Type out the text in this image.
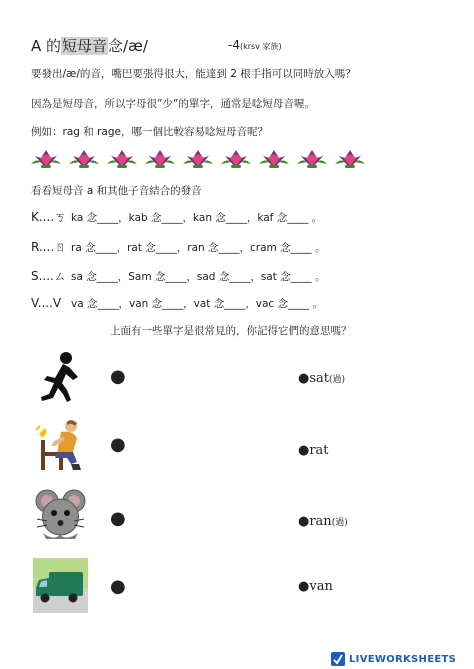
A 的短母音念/æ/	-4(krsv 家族)
要發出/æ/的音，嘴巴要張得很大，能達到 2 根手指可以同時放入嗎？
因為是短母音，所以字母很”少”的單字，通常是唸短母音喔。
例如：rag 和 rage，哪一個比較容易唸短母音呢？
看看短母音 a 和其他子音結合的發音
K....ㄎ ka 念____，kab 念____，kan 念____，kaf 念____ 。
R....ㄖ ra 念____，rat 念____，ran 念____，cram 念____ 。
S....ㄙ sa 念____，Sam 念____，sad 念____，sat 念____ 。
V....V va 念____，van 念____，vat 念____，vac 念____ 。
上面有一些單字是很常見的，你記得它們的意思嗎？
●	●sat(過)
●	●rat
●	●ran(過)
●	●van
LIVEWORKSHEETS
